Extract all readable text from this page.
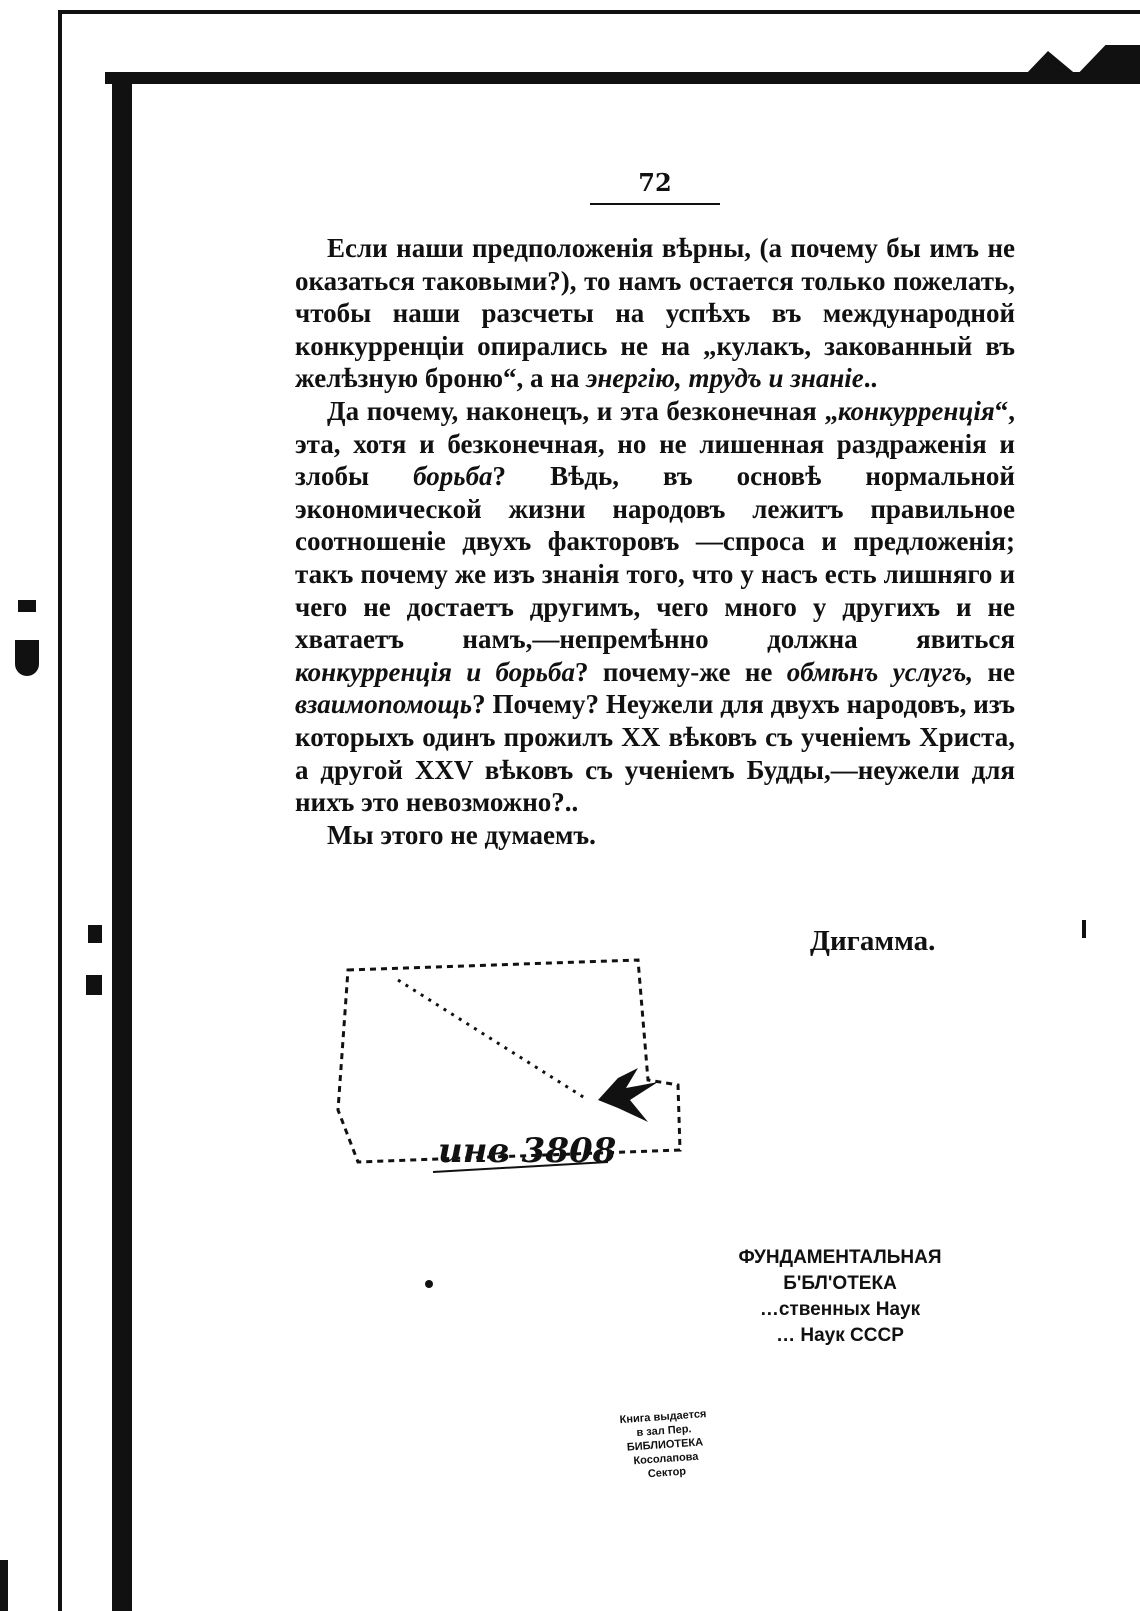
72

Если наши предположенія вѣрны, (а почему бы имъ не оказаться таковыми?), то намъ остается только пожелать, чтобы наши разсчеты на успѣхъ въ международной конкурренціи опирались не на „кулакъ, закованный въ желѣзную броню“, а на энергію, трудъ и знаніе..

Да почему, наконецъ, и эта безконечная „конкурренція“, эта, хотя и безконечная, но не лишенная раздраженія и злобы борьба? Вѣдь, въ основѣ нормальной экономической жизни народовъ лежитъ правильное соотношеніе двухъ факторовъ —спроса и предложенія; такъ почему же изъ знанія того, что у насъ есть лишняго и чего не достаетъ другимъ, чего много у другихъ и не хватаетъ намъ,—непремѣнно должна явиться конкурренція и борьба? почему-же не обмѣнъ услугъ, не взаимопомощь? Почему? Неужели для двухъ народовъ, изъ которыхъ одинъ прожилъ XX вѣковъ съ ученіемъ Христа, а другой XXV вѣковъ съ ученіемъ Будды,—неужели для нихъ это невозможно?..

Мы этого не думаемъ.

Дигамма.
инв 3808
ФУНДАМЕНТАЛЬНАЯ
Б'БЛ'ОТЕКА
…ственных Наук
… Наук СССР
Книга выдается
в зал Пер.
БИБЛИОТЕКА
Косолапова
Сектор
